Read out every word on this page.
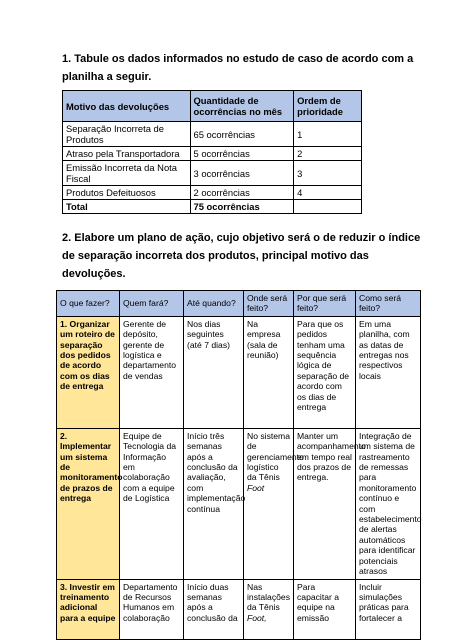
1. Tabule os dados informados no estudo de caso de acordo com a planilha a seguir.
Motivo das devoluções	Quantidade de ocorrências no mês	Ordem de prioridade
Separação Incorreta de Produtos	65 ocorrências	1
Atraso pela Transportadora	5 ocorrências	2
Emissão Incorreta da Nota Fiscal	3 ocorrências	3
Produtos Defeituosos	2 ocorrências	4
Total	75 ocorrências	
2. Elabore um plano de ação, cujo objetivo será o de reduzir o índice de separação incorreta dos produtos, principal motivo das devoluções.
O que fazer?	Quem fará?	Até quando?	Onde será feito?	Por que será feito?	Como será feito?
1. Organizar um roteiro de separação dos pedidos de acordo com os dias de entrega	Gerente de depósito, gerente de logística e departamento de vendas	Nos dias seguintes (até 7 dias)	Na empresa (sala de reunião)	Para que os pedidos tenham uma sequência lógica de separação de acordo com os dias de entrega	Em uma planilha, com as datas de entregas nos respectivos locais
2. Implementar um sistema de monitoramento de prazos de entrega	Equipe de Tecnologia da Informação em colaboração com a equipe de Logística	Início três semanas após a conclusão da avaliação, com implementação contínua	No sistema de gerenciamento logístico da Tênis Foot	Manter um acompanhamento em tempo real dos prazos de entrega.	Integração de um sistema de rastreamento de remessas para monitoramento contínuo e com estabelecimento de alertas automáticos para identificar potenciais atrasos
3. Investir em treinamento adicional para a equipe	Departamento de Recursos Humanos em colaboração	Início duas semanas após a conclusão da	Nas instalações da Tênis Foot,	Para capacitar a equipe na emissão	Incluir simulações práticas para fortalecer a
